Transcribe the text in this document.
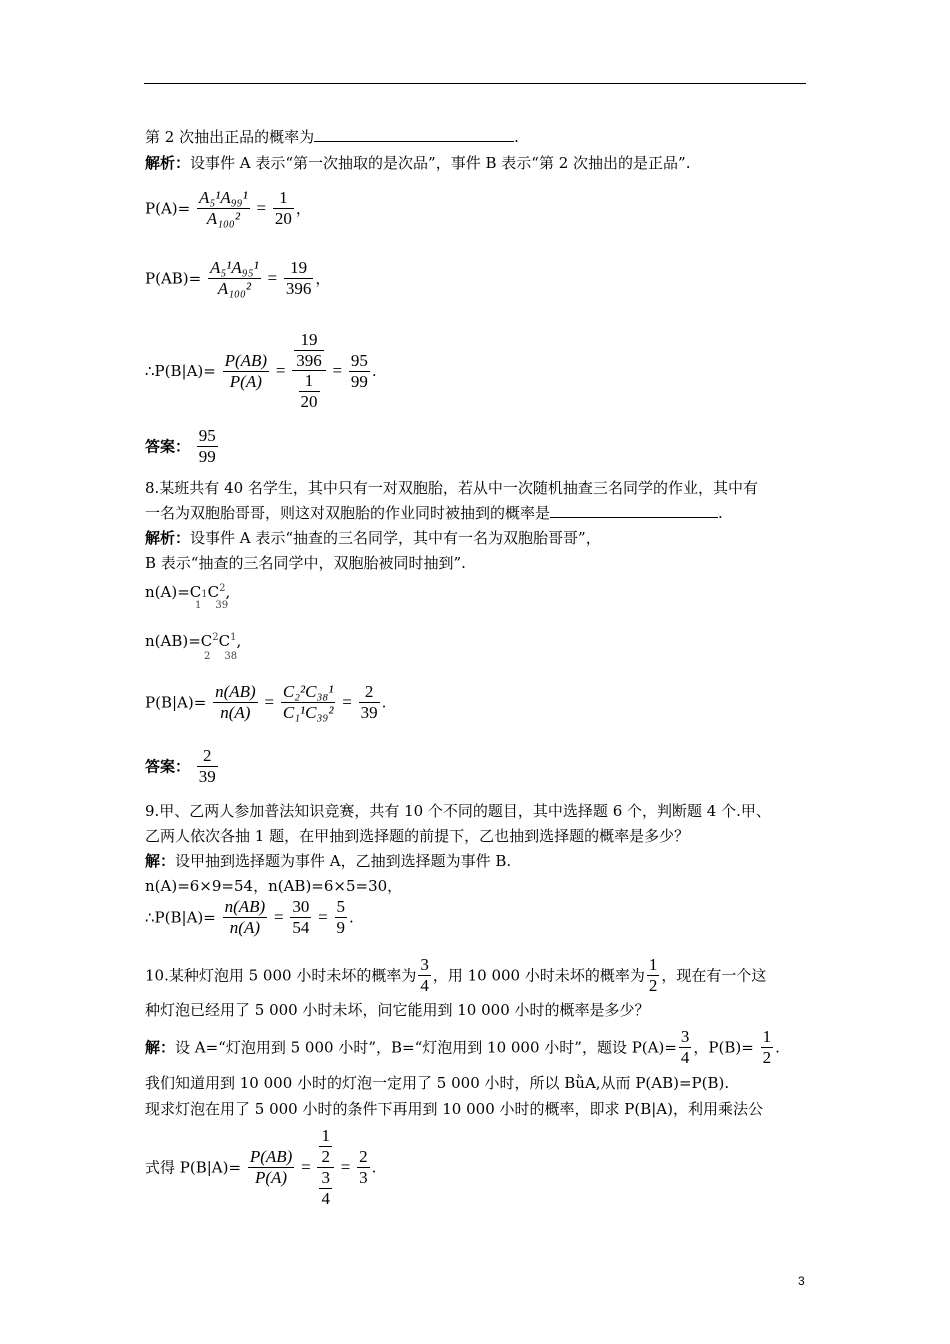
第 2 次抽出正品的概率为	.
解析：设事件 A 表示“第一次抽取的是次品”，事件 B 表示“第 2 次抽出的是正品”.
$P(A)= \frac{\text{A₅¹A₉₉¹}}{\text{A₁₀₀²}} = \frac{1}{20}$ ，
$P(AB)= \frac{\text{A₅¹A₉₅¹}}{\text{A₁₀₀²}} = \frac{19}{396}$ ，
∴P(B|A)= $\frac{P(AB)}{P(A)} = \frac{\frac{19}{396}}{\frac{1}{20}} = \frac{95}{99}$ .
答案： $\frac{95}{99}$
8.某班共有 40 名学生，其中只有一对双胞胎，若从中一次随机抽查三名同学的作业，其中有
一名为双胞胎哥哥，则这对双胞胎的作业同时被抽到的概率是	.
解析：设事件 A 表示“抽查的三名同学，其中有一名为双胞胎哥哥”，
B 表示“抽查的三名同学中，双胞胎被同时抽到”.
$n(A)=C1C^2$,
1 39
$n(AB)=C^2C^1$,
2 38
$P(B|A)= \frac{n(AB)}{n(A)} = \frac{\text{C₂²C₃₈¹}}{\text{C₁¹C₃₉²}} = \frac{2}{39}$ .
答案： $\frac{2}{39}$
9.甲、乙两人参加普法知识竞赛，共有 10 个不同的题目，其中选择题 6 个，判断题 4 个.甲、
乙两人依次各抽 1 题，在甲抽到选择题的前提下，乙也抽到选择题的概率是多少？
解：设甲抽到选择题为事件 A，乙抽到选择题为事件 B.
n(A)=6×9=54，n(AB)=6×5=30，
∴P(B|A)= $\frac{n(AB)}{n(A)} = \frac{30}{54} = \frac{5}{9}$ .
10.某种灯泡用 5 000 小时未坏的概率为 $\frac{3}{4}$ ，用 10 000 小时未坏的概率为 $\frac{1}{2}$ ，现在有一个这
种灯泡已经用了 5 000 小时未坏，问它能用到 10 000 小时的概率是多少？
解：设 A=“灯泡用到 5 000 小时”，B=“灯泡用到 10 000 小时”，题设 $P(A)= \frac{3}{4}$ ，$P(B)= \frac{1}{2}$ .
我们知道用到 10 000 小时的灯泡一定用了 5 000 小时，所以 BǜA,从而 P(AB)=P(B).
现求灯泡在用了 5 000 小时的条件下再用到 10 000 小时的概率，即求 P(B|A)，利用乘法公
式得 $P(B|A)= \frac{P(AB)}{P(A)} = \frac{\frac{1}{2}}{\frac{3}{4}} = \frac{2}{3}$ .
3
